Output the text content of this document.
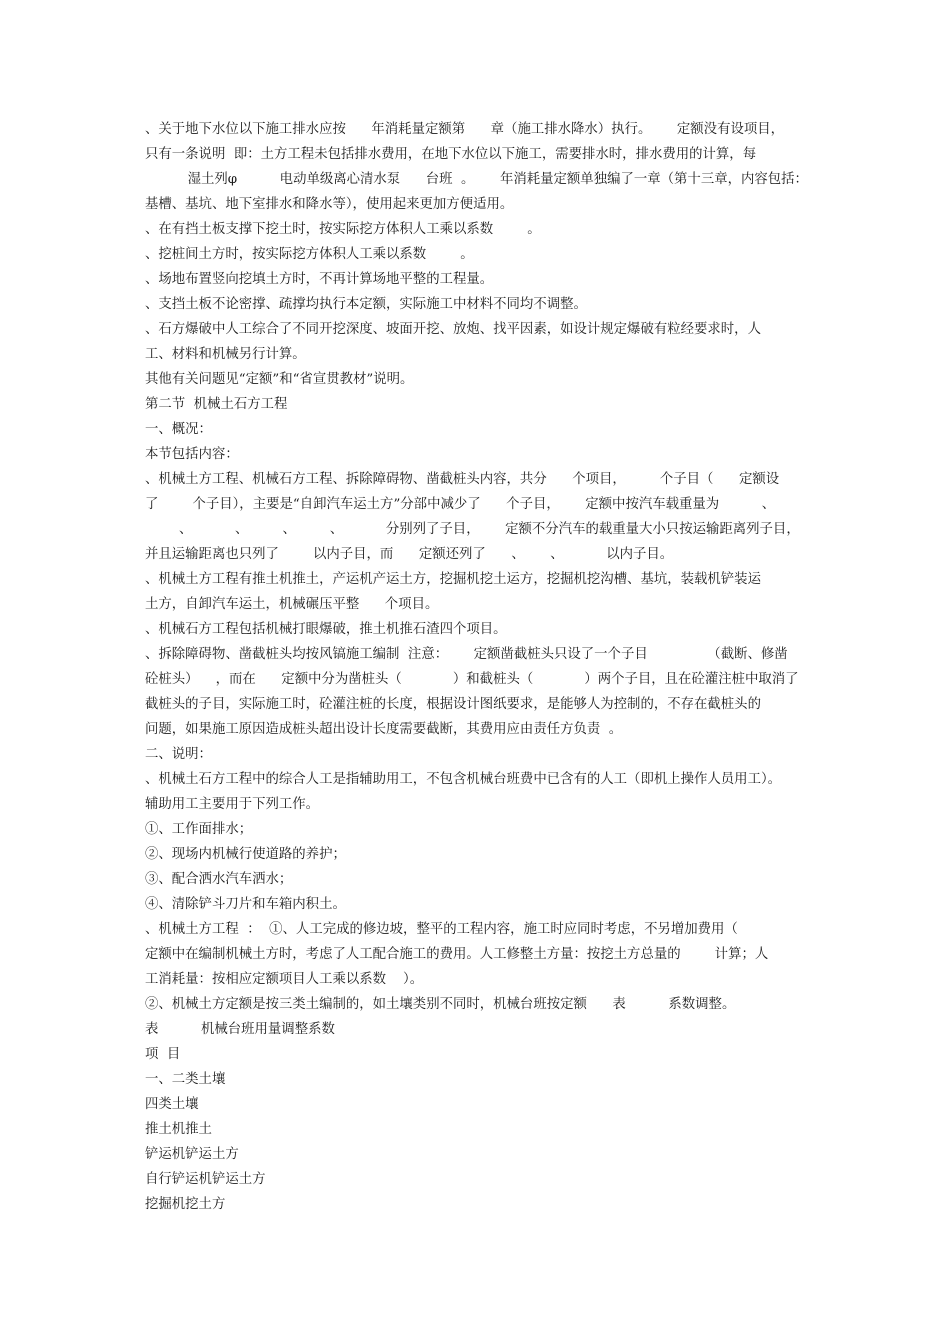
、关于地下水位以下施工排水应按      年消耗量定额第      章（施工排水降水）执行。      定额没有设项目，
只有一条说明  即：土方工程未包括排水费用，在地下水位以下施工，需要排水时，排水费用的计算，每
湿土列φ          电动单级离心清水泵      台班  。      年消耗量定额单独编了一章（第十三章，内容包括：
基槽、基坑、地下室排水和降水等），使用起来更加方便适用。
、在有挡土板支撑下挖土时，按实际挖方体积人工乘以系数        。
、挖桩间土方时，按实际挖方体积人工乘以系数        。
、场地布置竖向挖填土方时，不再计算场地平整的工程量。
、支挡土板不论密撑、疏撑均执行本定额，实际施工中材料不同均不调整。
、石方爆破中人工综合了不同开挖深度、坡面开挖、放炮、找平因素，如设计规定爆破有粒经要求时，人
工、材料和机械另行计算。
其他有关问题见“定额”和“省宣贯教材”说明。
第二节  机械土石方工程
一、概况：
本节包括内容：
、机械土方工程、机械石方工程、拆除障碍物、凿截桩头内容，共分      个项目，        个子目（      定额设
了        个子目），主要是“自卸汽车运土方”分部中减少了      个子目，      定额中按汽车载重量为          、
、          、        、        、          分别列了子目，      定额不分汽车的载重量大小只按运输距离列子目，
并且运输距离也只列了        以内子目，而      定额还列了      、      、          以内子目。
、机械土方工程有推土机推土，产运机产运土方，挖掘机挖土运方，挖掘机挖沟槽、基坑，装载机铲装运
土方，自卸汽车运土，机械碾压平整      个项目。
、机械石方工程包括机械打眼爆破，推土机推石渣四个项目。
、拆除障碍物、凿截桩头均按风镐施工编制  注意：      定额凿截桩头只设了一个子目              （截断、修凿
砼桩头）    ，而在      定额中分为凿桩头（            ）和截桩头（            ）两个子目，且在砼灌注桩中取消了
截桩头的子目，实际施工时，砼灌注桩的长度，根据设计图纸要求，是能够人为控制的，不存在截桩头的
问题，如果施工原因造成桩头超出设计长度需要截断，其费用应由责任方负责  。
二、说明：
、机械土石方工程中的综合人工是指辅助用工，不包含机械台班费中已含有的人工（即机上操作人员用工）。
辅助用工主要用于下列工作。
①、工作面排水；
②、现场内机械行使道路的养护；
③、配合洒水汽车洒水；
④、清除铲斗刀片和车箱内积土。
、机械土方工程  ：  ①、人工完成的修边坡，整平的工程内容，施工时应同时考虑，不另增加费用（
定额中在编制机械土方时，考虑了人工配合施工的费用。人工修整土方量：按挖土方总量的        计算；人
工消耗量：按相应定额项目人工乘以系数    ）。
②、机械土方定额是按三类土编制的，如土壤类别不同时，机械台班按定额      表          系数调整。
表          机械台班用量调整系数
项  目
一、二类土壤
四类土壤
推土机推土
铲运机铲运土方
自行铲运机铲运土方
挖掘机挖土方
